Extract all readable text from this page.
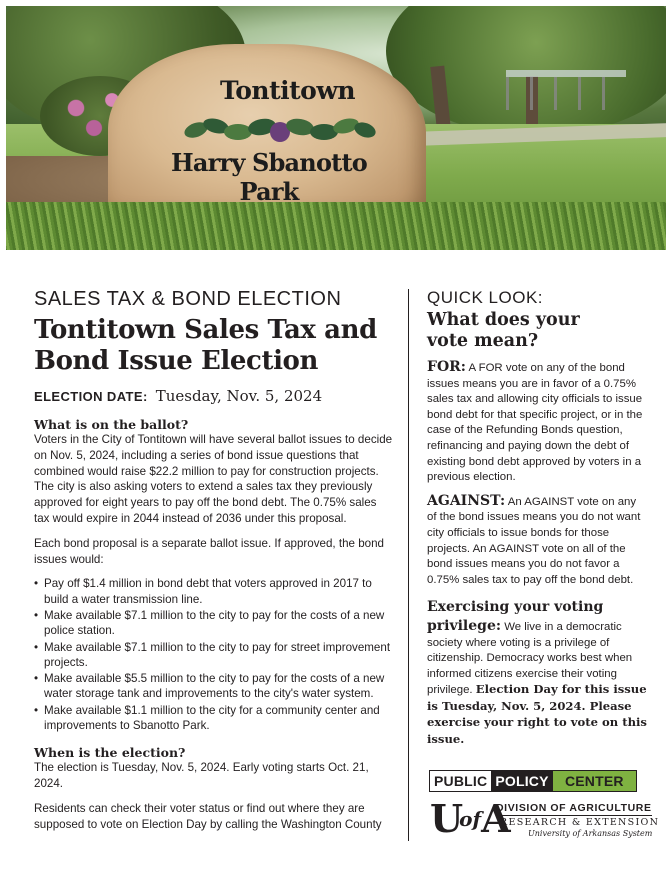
Tontitown
Harry Sbanotto Park
SALES TAX & BOND ELECTION
Tontitown Sales Tax and
Bond Issue Election
ELECTION DATE: Tuesday, Nov. 5, 2024
What is on the ballot?

Voters in the City of Tontitown will have several ballot issues to decide on Nov. 5, 2024, including a series of bond issue questions that combined would raise $22.2 million to pay for construction projects. The city is also asking voters to extend a sales tax they previously approved for eight years to pay off the bond debt. The 0.75% sales tax would expire in 2044 instead of 2036 under this proposal.

Each bond proposal is a separate ballot issue. If approved, the bond issues would:

• Pay off $1.4 million in bond debt that voters approved in 2017 to build a water transmission line.
• Make available $7.1 million to the city to pay for the costs of a new police station.
• Make available $7.1 million to the city to pay for street improvement projects.
• Make available $5.5 million to the city to pay for the costs of a new water storage tank and improvements to the city's water system.
• Make available $1.1 million to the city for a community center and improvements to Sbanotto Park.
When is the election?

The election is Tuesday, Nov. 5, 2024. Early voting starts Oct. 21, 2024.

Residents can check their voter status or find out where they are supposed to vote on Election Day by calling the Washington County

QUICK LOOK:
What does your
vote mean?

FOR: A FOR vote on any of the bond issues means you are in favor of a 0.75% sales tax and allowing city officials to issue bond debt for that specific project, or in the case of the Refunding Bonds question, refinancing and paying down the debt of existing bond debt approved by voters in a previous election.

AGAINST: An AGAINST vote on any of the bond issues means you do not want city officials to issue bonds for those projects. An AGAINST vote on all of the bond issues means you do not favor a 0.75% sales tax to pay off the bond debt.

Exercising your voting privilege: We live in a democratic society where voting is a privilege of citizenship. Democracy works best when informed citizens exercise their voting privilege. Election Day for this issue is Tuesday, Nov. 5, 2024. Please exercise your right to vote on this issue.

PUBLIC POLICY	CENTER
UofA
DIVISION OF AGRICULTURE
RESEARCH & EXTENSION
University of Arkansas System
